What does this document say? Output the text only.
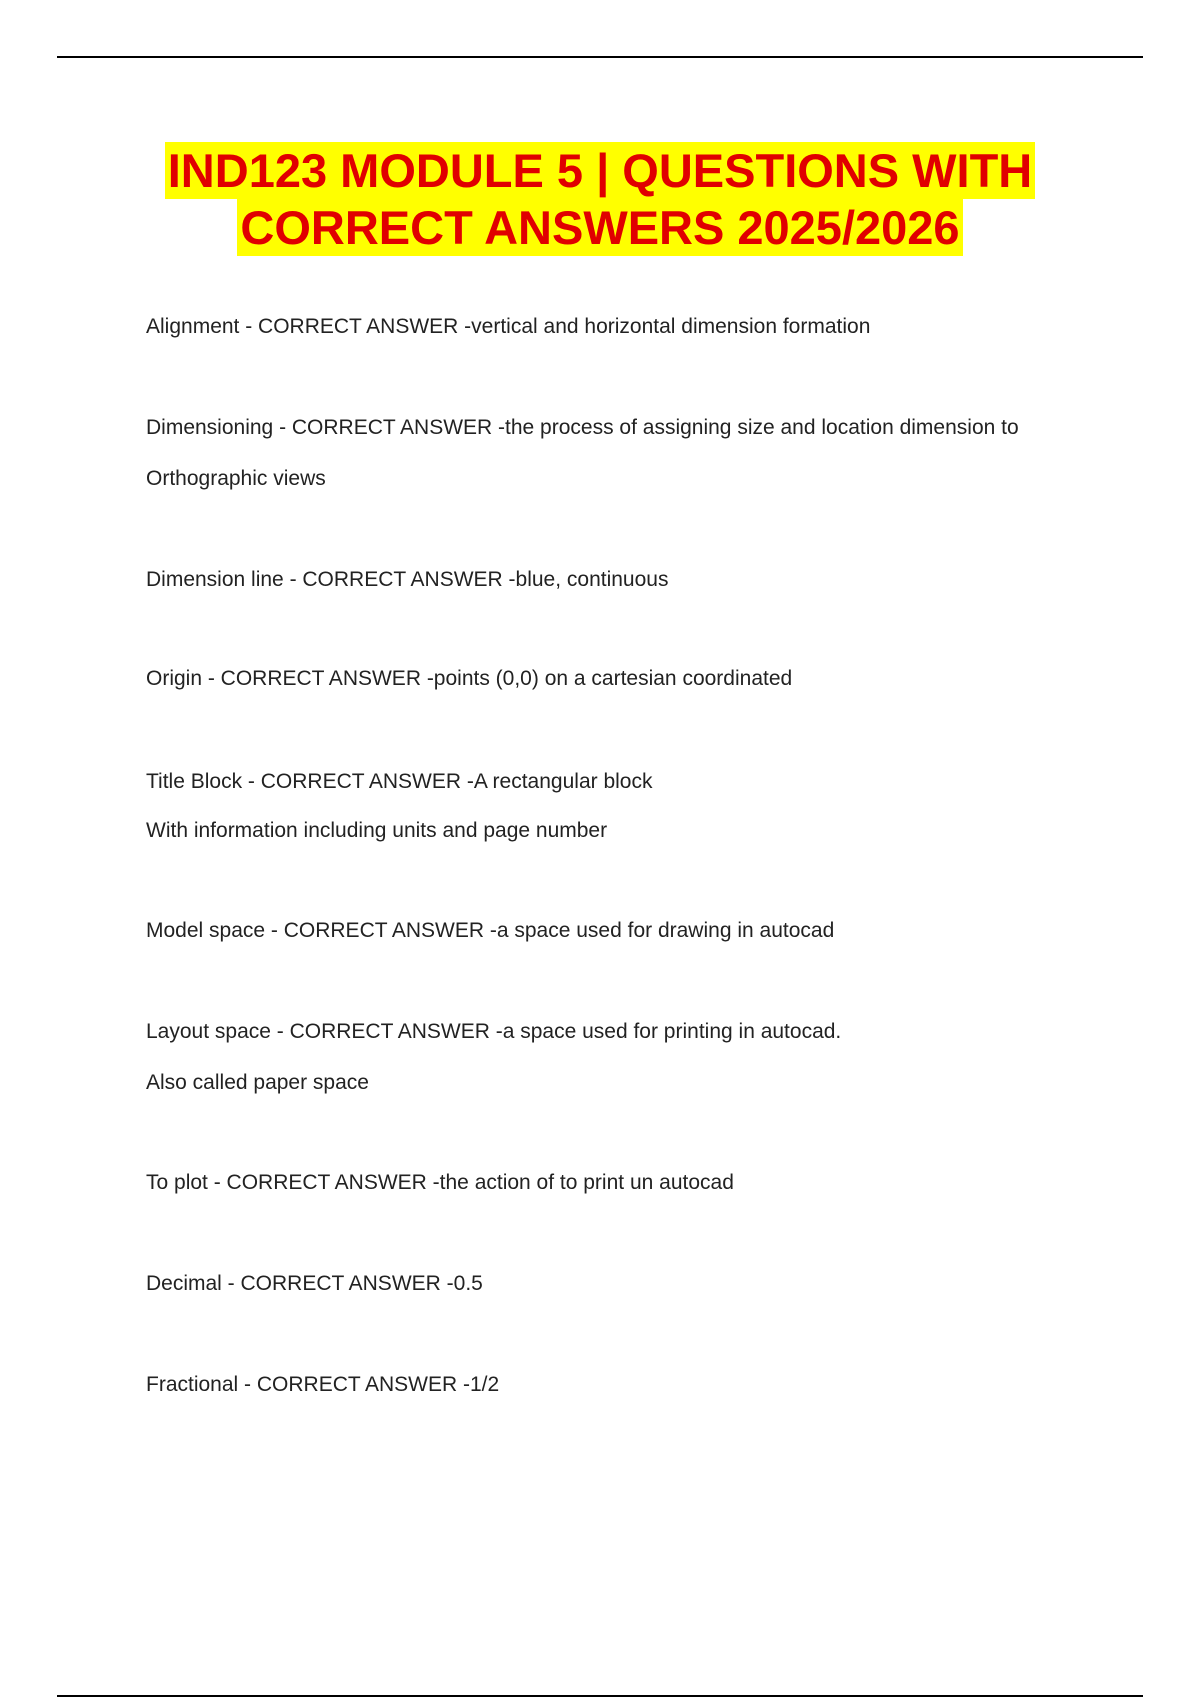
IND123 MODULE 5 | QUESTIONS WITH
CORRECT ANSWERS 2025/2026

Alignment - CORRECT ANSWER -vertical and horizontal dimension formation

Dimensioning - CORRECT ANSWER -the process of assigning size and location dimension to

Orthographic views

Dimension line - CORRECT ANSWER -blue, continuous

Origin - CORRECT ANSWER -points (0,0) on a cartesian coordinated

Title Block - CORRECT ANSWER -A rectangular block

With information including units and page number

Model space - CORRECT ANSWER -a space used for drawing in autocad

Layout space - CORRECT ANSWER -a space used for printing in autocad.

Also called paper space

To plot - CORRECT ANSWER -the action of to print un autocad

Decimal - CORRECT ANSWER -0.5

Fractional - CORRECT ANSWER -1/2
